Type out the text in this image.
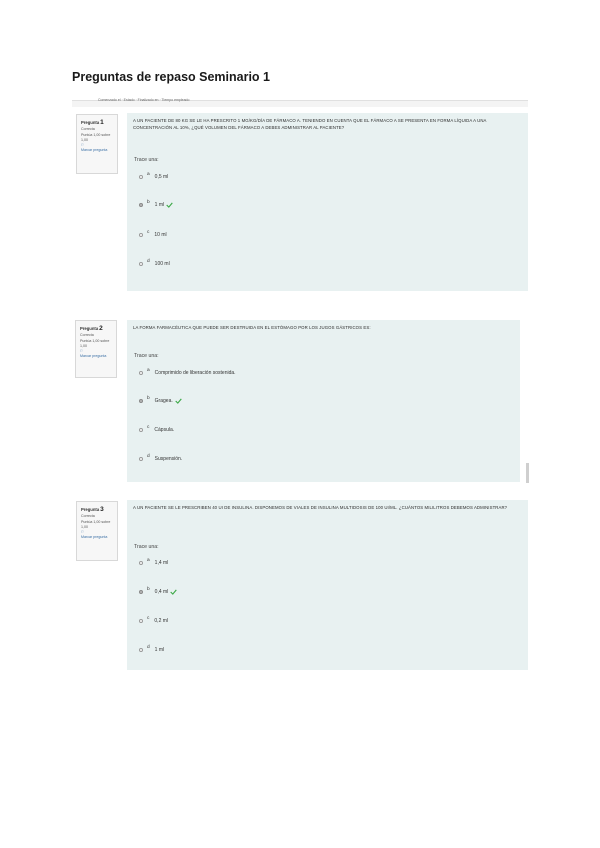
Preguntas de repaso Seminario 1
Comenzado el · Estado · Finalizado en · Tiempo empleado
Pregunta 1
Correcta
Puntúa 1,00 sobre 1,00
⚐
Marcar pregunta
A UN PACIENTE DE 80 KG SE LE HA PRESCRITO 1 MG/KG/DÍA DE FÁRMACO A. TENIENDO EN CUENTA QUE EL FÁRMACO A SE PRESENTA EN FORMA LÍQUIDA A UNA CONCENTRACIÓN AL 10%, ¿QUÉ VOLUMEN DEL FÁRMACO A DEBES ADMINISTRAR AL PACIENTE?
Trace una:
a 0,5 ml
b 1 ml
c 10 ml
d 100 ml
Pregunta 2
Correcta
Puntúa 1,00 sobre 1,00
⚐
Marcar pregunta
LA FORMA FARMACÉUTICA QUE PUEDE SER DESTRUIDA EN EL ESTÓMAGO POR LOS JUGOS GÁSTRICOS ES:
Trace una:
a Comprimido de liberación sostenida.
b Gragea.
c Cápsula.
d Suspensión.
Pregunta 3
Correcta
Puntúa 1,00 sobre 1,00
⚐
Marcar pregunta
A UN PACIENTE SE LE PRESCRIBEN 40 UI DE INSULINA. DISPONEMOS DE VIALES DE INSULINA MULTIDOSIS DE 100 UI/ML. ¿CUÁNTOS MILILITROS DEBEMOS ADMINISTRAR?
Trace una:
a 1,4 ml
b 0,4 ml
c 0,2 ml
d 1 ml
